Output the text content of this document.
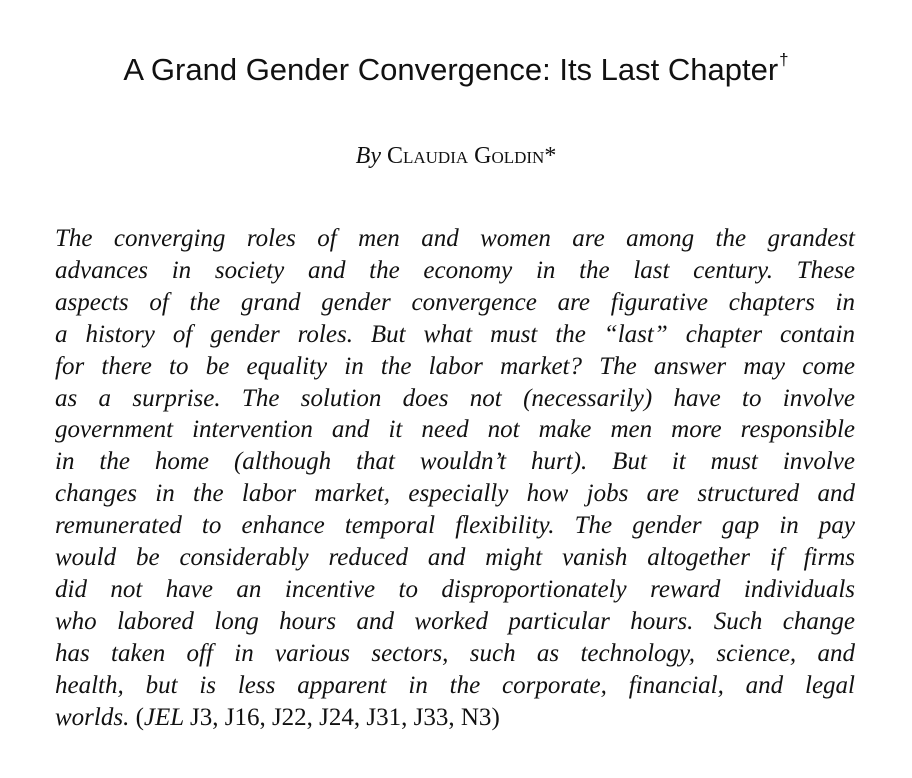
A Grand Gender Convergence: Its Last Chapter†
By Claudia Goldin*
The converging roles of men and women are among the grandest
advances in society and the economy in the last century. These
aspects of the grand gender convergence are figurative chapters in
a history of gender roles. But what must the “last” chapter contain
for there to be equality in the labor market? The answer may come
as a surprise. The solution does not (necessarily) have to involve
government intervention and it need not make men more responsible
in the home (although that wouldn’t hurt). But it must involve
changes in the labor market, especially how jobs are structured and
remunerated to enhance temporal flexibility. The gender gap in pay
would be considerably reduced and might vanish altogether if firms
did not have an incentive to disproportionately reward individuals
who labored long hours and worked particular hours. Such change
has taken off in various sectors, such as technology, science, and
health, but is less apparent in the corporate, financial, and legal
worlds. (JEL J3, J16, J22, J24, J31, J33, N3)
